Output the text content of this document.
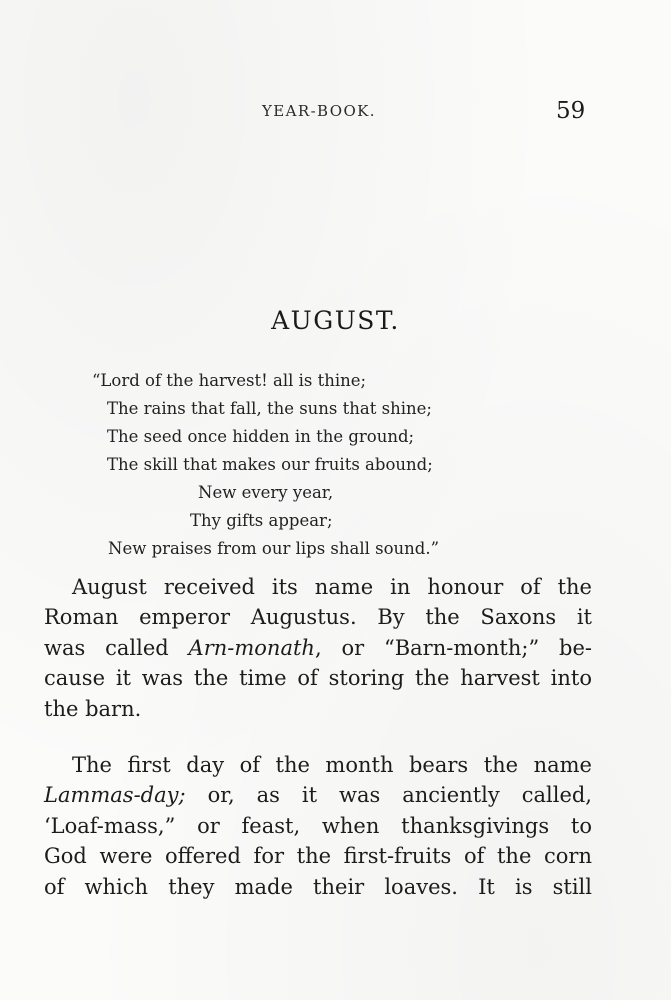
YEAR-BOOK.	59
AUGUST.
“Lord of the harvest! all is thine;
The rains that fall, the suns that shine;
The seed once hidden in the ground;
The skill that makes our fruits abound;
New every year,
Thy gifts appear;
New praises from our lips shall sound.”
August received its name in honour of the
Roman emperor Augustus. By the Saxons it
was called Arn-monath, or “Barn-month;” be-
cause it was the time of storing the harvest into
the barn.
The first day of the month bears the name
Lammas-day; or, as it was anciently called,
‘Loaf-mass,” or feast, when thanksgivings to
God were offered for the first-fruits of the corn
of which they made their loaves. It is still
